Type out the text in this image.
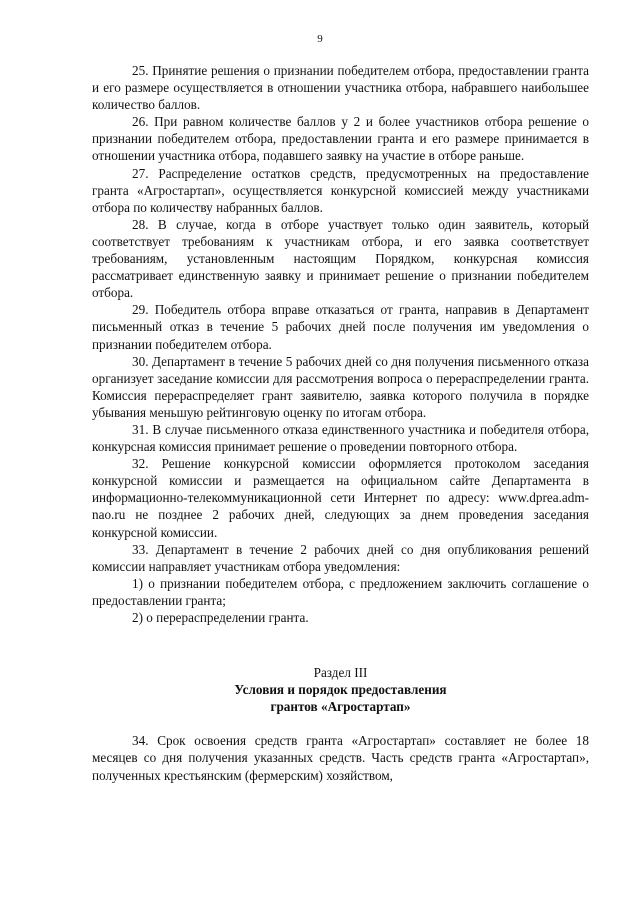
9

25. Принятие решения о признании победителем отбора, предоставлении гранта и его размере осуществляется в отношении участника отбора, набравшего наибольшее количество баллов.

26. При равном количестве баллов у 2 и более участников отбора решение о признании победителем отбора, предоставлении гранта и его размере принимается в отношении участника отбора, подавшего заявку на участие в отборе раньше.

27. Распределение остатков средств, предусмотренных на предоставление гранта «Агростартап», осуществляется конкурсной комиссией между участниками отбора по количеству набранных баллов.

28. В случае, когда в отборе участвует только один заявитель, который соответствует требованиям к участникам отбора, и его заявка соответствует требованиям, установленным настоящим Порядком, конкурсная комиссия рассматривает единственную заявку и принимает решение о признании победителем отбора.

29. Победитель отбора вправе отказаться от гранта, направив в Департамент письменный отказ в течение 5 рабочих дней после получения им уведомления о признании победителем отбора.

30. Департамент в течение 5 рабочих дней со дня получения письменного отказа организует заседание комиссии для рассмотрения вопроса о перераспределении гранта. Комиссия перераспределяет грант заявителю, заявка которого получила в порядке убывания меньшую рейтинговую оценку по итогам отбора.

31. В случае письменного отказа единственного участника и победителя отбора, конкурсная комиссия принимает решение о проведении повторного отбора.

32. Решение конкурсной комиссии оформляется протоколом заседания конкурсной комиссии и размещается на официальном сайте Департамента в информационно-телекоммуникационной сети Интернет по адресу: www.dprea.adm-nao.ru не позднее 2 рабочих дней, следующих за днем проведения заседания конкурсной комиссии.

33. Департамент в течение 2 рабочих дней со дня опубликования решений комиссии направляет участникам отбора уведомления:

1) о признании победителем отбора, с предложением заключить соглашение о предоставлении гранта;

2) о перераспределении гранта.

Раздел III
Условия и порядок предоставления
грантов «Агростартап»

34. Срок освоения средств гранта «Агростартап» составляет не более 18 месяцев со дня получения указанных средств. Часть средств гранта «Агростартап», полученных крестьянским (фермерским) хозяйством,
